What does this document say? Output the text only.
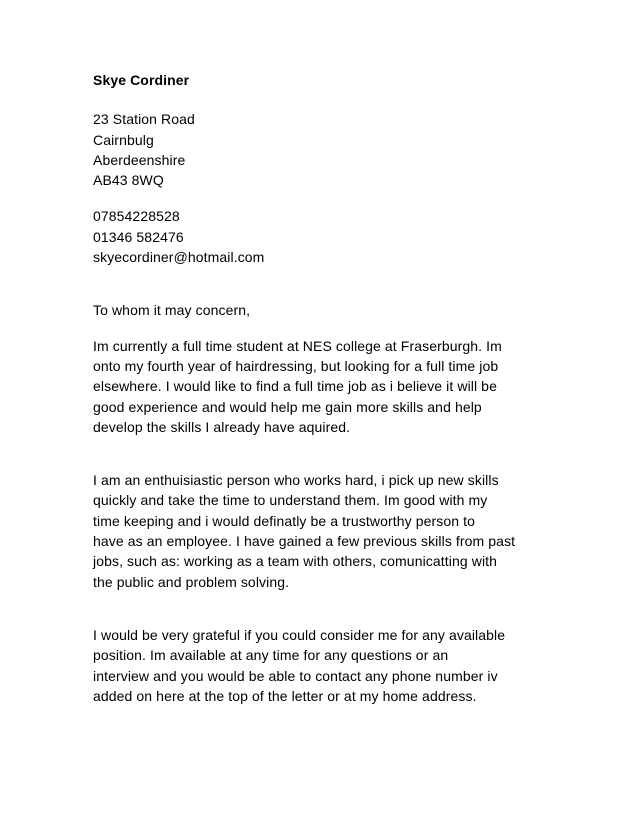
Skye Cordiner
23 Station Road
Cairnbulg
Aberdeenshire
AB43 8WQ
07854228528
01346 582476
skyecordiner@hotmail.com
To whom it may concern,
Im currently a full time student at NES college at Fraserburgh. Im
onto my fourth year of hairdressing, but looking for a full time job
elsewhere. I would like to find a full time job as i believe it will be
good experience and would help me gain more skills and help
develop the skills I already have aquired.
I am an enthuisiastic person who works hard, i pick up new skills
quickly and take the time to understand them. Im good with my
time keeping and i would definatly be a trustworthy person to
have as an employee. I have gained a few previous skills from past
jobs, such as: working as a team with others, comunicatting with
the public and problem solving.
I would be very grateful if you could consider me for any available
position. Im available at any time for any questions or an
interview and you would be able to contact any phone number iv
added on here at the top of the letter or at my home address.
